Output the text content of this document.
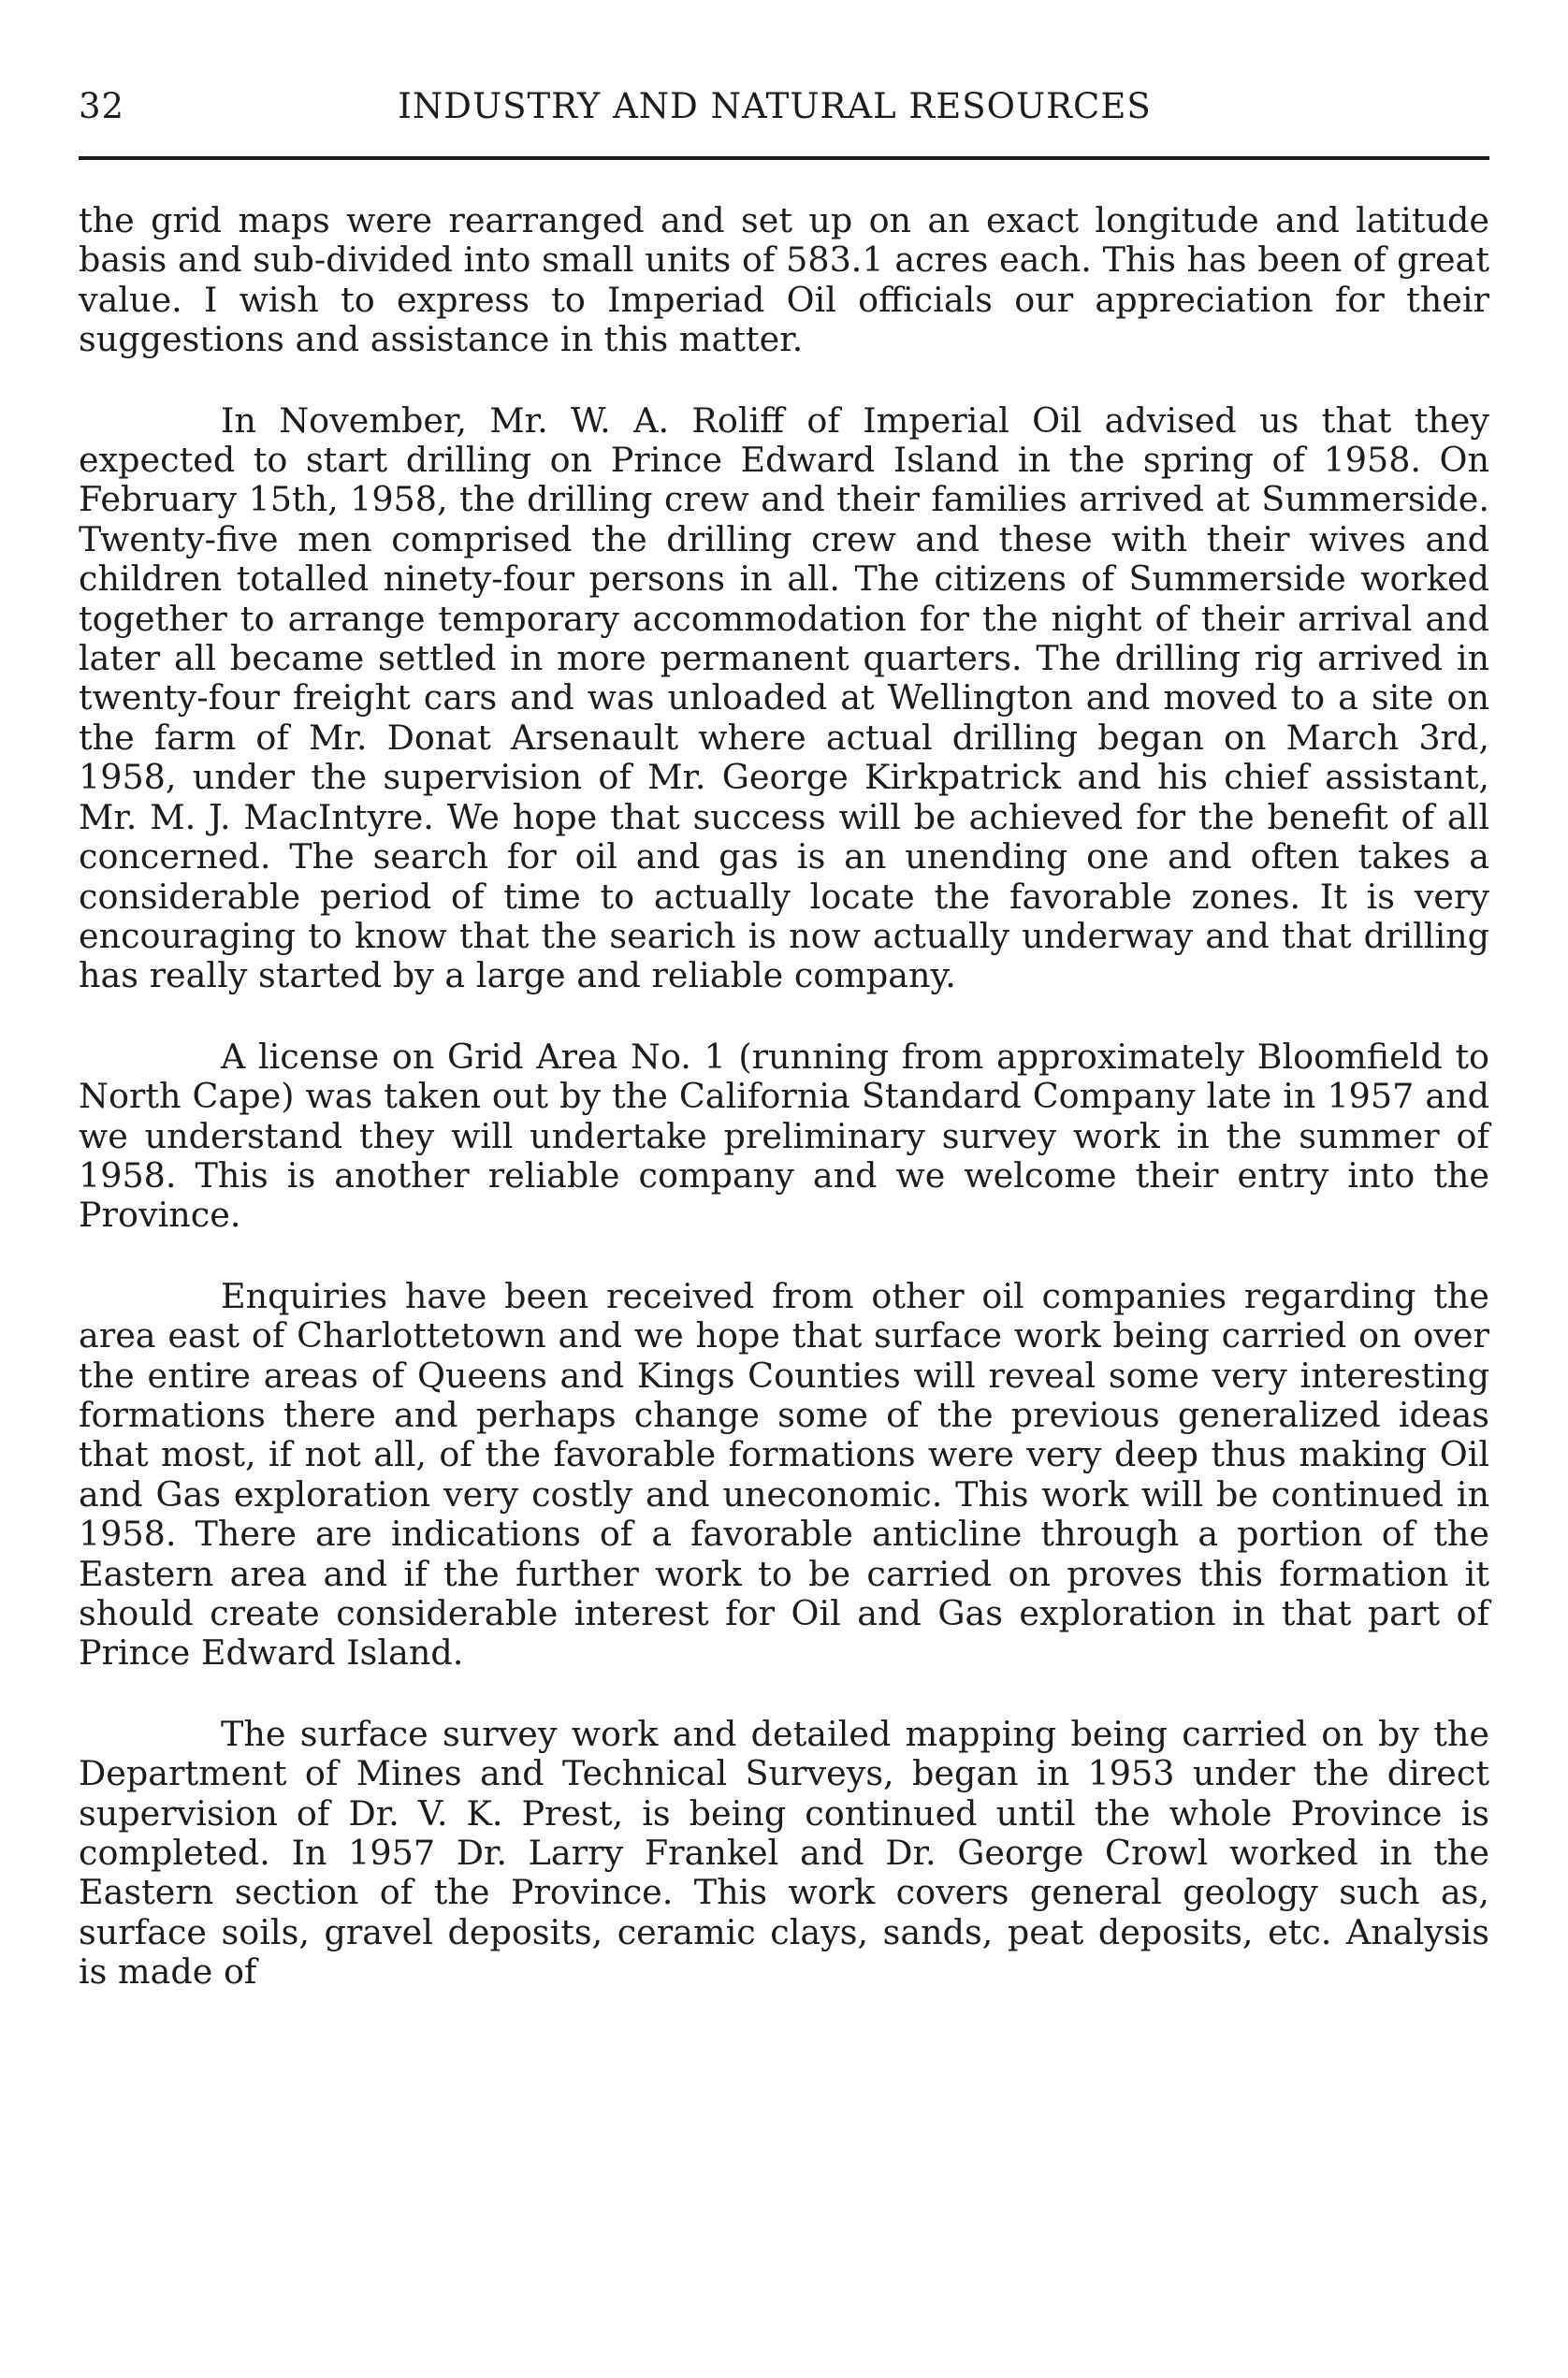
32	INDUSTRY AND NATURAL RESOURCES

the grid maps were rearranged and set up on an exact longitude and latitude basis and sub-divided into small units of 583.1 acres each. This has been of great value. I wish to express to Imperiad Oil officials our appreciation for their suggestions and assistance in this matter.

In November, Mr. W. A. Roliff of Imperial Oil advised us that they expected to start drilling on Prince Edward Island in the spring of 1958. On February 15th, 1958, the drilling crew and their families arrived at Summerside. Twenty-five men comprised the drilling crew and these with their wives and children totalled ninety-four persons in all. The citizens of Summerside worked together to arrange temporary accommodation for the night of their arrival and later all became settled in more permanent quarters. The drilling rig arrived in twenty-four freight cars and was unloaded at Wellington and moved to a site on the farm of Mr. Donat Arsenault where actual drilling began on March 3rd, 1958, under the supervision of Mr. George Kirkpatrick and his chief assistant, Mr. M. J. MacIntyre. We hope that success will be achieved for the benefit of all concerned. The search for oil and gas is an unending one and often takes a considerable period of time to actually locate the favorable zones. It is very encouraging to know that the searich is now actually underway and that drilling has really started by a large and reliable company.

A license on Grid Area No. 1 (running from approximately Bloomfield to North Cape) was taken out by the California Standard Company late in 1957 and we understand they will undertake preliminary survey work in the summer of 1958. This is another reliable company and we welcome their entry into the Province.

Enquiries have been received from other oil companies regarding the area east of Charlottetown and we hope that surface work being carried on over the entire areas of Queens and Kings Counties will reveal some very interesting formations there and perhaps change some of the previous generalized ideas that most, if not all, of the favorable formations were very deep thus making Oil and Gas exploration very costly and uneconomic. This work will be continued in 1958. There are indications of a favorable anticline through a portion of the Eastern area and if the further work to be carried on proves this formation it should create considerable interest for Oil and Gas exploration in that part of Prince Edward Island.

The surface survey work and detailed mapping being carried on by the Department of Mines and Technical Surveys, began in 1953 under the direct supervision of Dr. V. K. Prest, is being continued until the whole Province is completed. In 1957 Dr. Larry Frankel and Dr. George Crowl worked in the Eastern section of the Province. This work covers general geology such as, surface soils, gravel deposits, ceramic clays, sands, peat deposits, etc. Analysis is made of
